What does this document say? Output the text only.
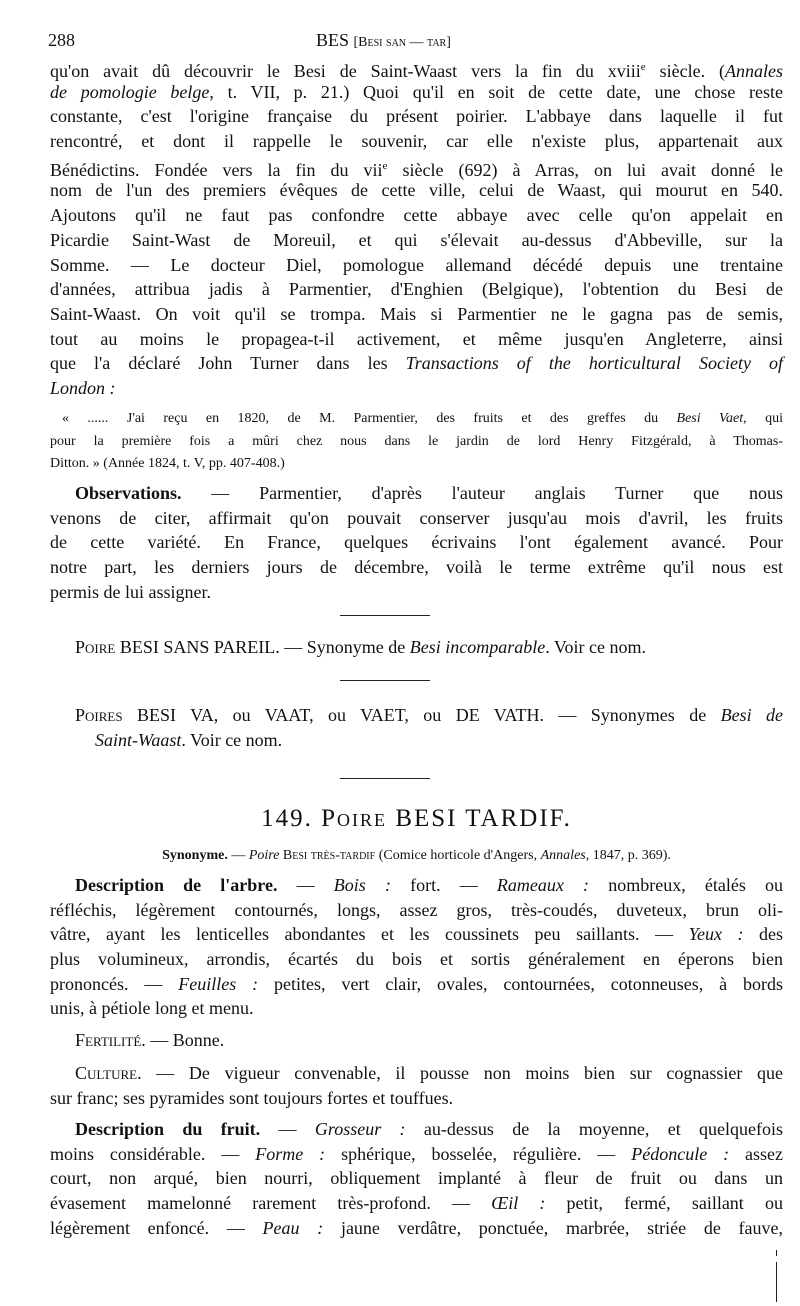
288	BES [Besi san — tar]
qu'on avait dû découvrir le Besi de Saint-Waast vers la fin du xviii$^e$ siècle. (Annales
de pomologie belge, t. VII, p. 21.) Quoi qu'il en soit de cette date, une chose reste
constante, c'est l'origine française du présent poirier. L'abbaye dans laquelle il fut
rencontré, et dont il rappelle le souvenir, car elle n'existe plus, appartenait aux
Bénédictins. Fondée vers la fin du vii$^e$ siècle (692) à Arras, on lui avait donné le
nom de l'un des premiers évêques de cette ville, celui de Waast, qui mourut en 540.
Ajoutons qu'il ne faut pas confondre cette abbaye avec celle qu'on appelait en
Picardie Saint-Wast de Moreuil, et qui s'élevait au-dessus d'Abbeville, sur la
Somme. — Le docteur Diel, pomologue allemand décédé depuis une trentaine
d'années, attribua jadis à Parmentier, d'Enghien (Belgique), l'obtention du Besi de
Saint-Waast. On voit qu'il se trompa. Mais si Parmentier ne le gagna pas de semis,
tout au moins le propagea-t-il activement, et même jusqu'en Angleterre, ainsi
que l'a déclaré John Turner dans les Transactions of the horticultural Society of
London :
« ...... J'ai reçu en 1820, de M. Parmentier, des fruits et des greffes du Besi Vaet, qui
pour la première fois a mûri chez nous dans le jardin de lord Henry Fitzgérald, à Thomas-
Ditton. » (Année 1824, t. V, pp. 407-408.)
Observations. — Parmentier, d'après l'auteur anglais Turner que nous
venons de citer, affirmait qu'on pouvait conserver jusqu'au mois d'avril, les fruits
de cette variété. En France, quelques écrivains l'ont également avancé. Pour
notre part, les derniers jours de décembre, voilà le terme extrême qu'il nous est
permis de lui assigner.
Poire BESI SANS PAREIL. — Synonyme de Besi incomparable. Voir ce nom.
Poires BESI VA, ou VAAT, ou VAET, ou DE VATH. — Synonymes de Besi de
Saint-Waast. Voir ce nom.
149. Poire BESI TARDIF.
Synonyme. — Poire Besi très-tardif (Comice horticole d'Angers, Annales, 1847, p. 369).
Description de l'arbre. — Bois : fort. — Rameaux : nombreux, étalés ou
réfléchis, légèrement contournés, longs, assez gros, très-coudés, duveteux, brun oli-
vâtre, ayant les lenticelles abondantes et les coussinets peu saillants. — Yeux : des
plus volumineux, arrondis, écartés du bois et sortis généralement en éperons bien
prononcés. — Feuilles : petites, vert clair, ovales, contournées, cotonneuses, à bords
unis, à pétiole long et menu.
Fertilité. — Bonne.
Culture. — De vigueur convenable, il pousse non moins bien sur cognassier que
sur franc; ses pyramides sont toujours fortes et touffues.
Description du fruit. — Grosseur : au-dessus de la moyenne, et quelquefois
moins considérable. — Forme : sphérique, bosselée, régulière. — Pédoncule : assez
court, non arqué, bien nourri, obliquement implanté à fleur de fruit ou dans un
évasement mamelonné rarement très-profond. — Œil : petit, fermé, saillant ou
légèrement enfoncé. — Peau : jaune verdâtre, ponctuée, marbrée, striée de fauve,
